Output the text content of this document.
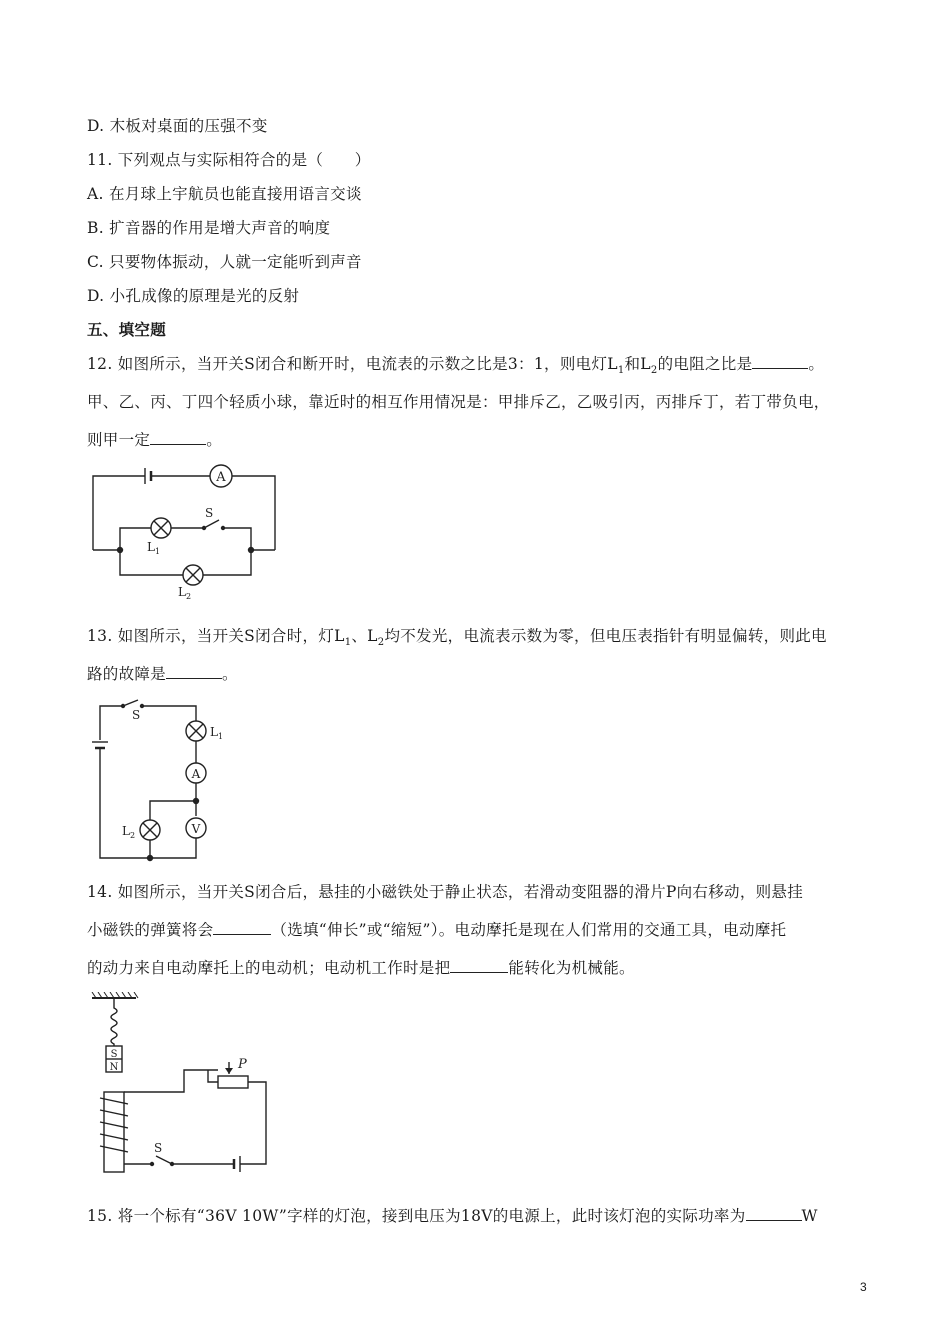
D. 木板对桌面的压强不变
11. 下列观点与实际相符合的是（　　）
A. 在月球上宇航员也能直接用语言交谈
B. 扩音器的作用是增大声音的响度
C. 只要物体振动，人就一定能听到声音
D. 小孔成像的原理是光的反射
五、填空题
12. 如图所示，当开关S闭合和断开时，电流表的示数之比是3：1，则电灯$L_1$和$L_2$的电阻之比是	。
甲、乙、丙、丁四个轻质小球，靠近时的相互作用情况是：甲排斥乙，乙吸引丙，丙排斥丁，若丁带负电，
则甲一定	。
A
S
$L_1$
$L_2$
13. 如图所示，当开关S闭合时，灯$L_1$、$L_2$均不发光，电流表示数为零，但电压表指针有明显偏转，则此电
路的故障是	。
S
$L_1$
A
$L_2$	V
14. 如图所示，当开关S闭合后，悬挂的小磁铁处于静止状态，若滑动变阻器的滑片P向右移动，则悬挂
小磁铁的弹簧将会	（选填“伸长”或“缩短”）。电动摩托是现在人们常用的交通工具，电动摩托
的动力来自电动摩托上的电动机；电动机工作时是把	能转化为机械能。
S
N	P
S
15. 将一个标有“36V 10W”字样的灯泡，接到电压为18V的电源上，此时该灯泡的实际功率为	W
3
